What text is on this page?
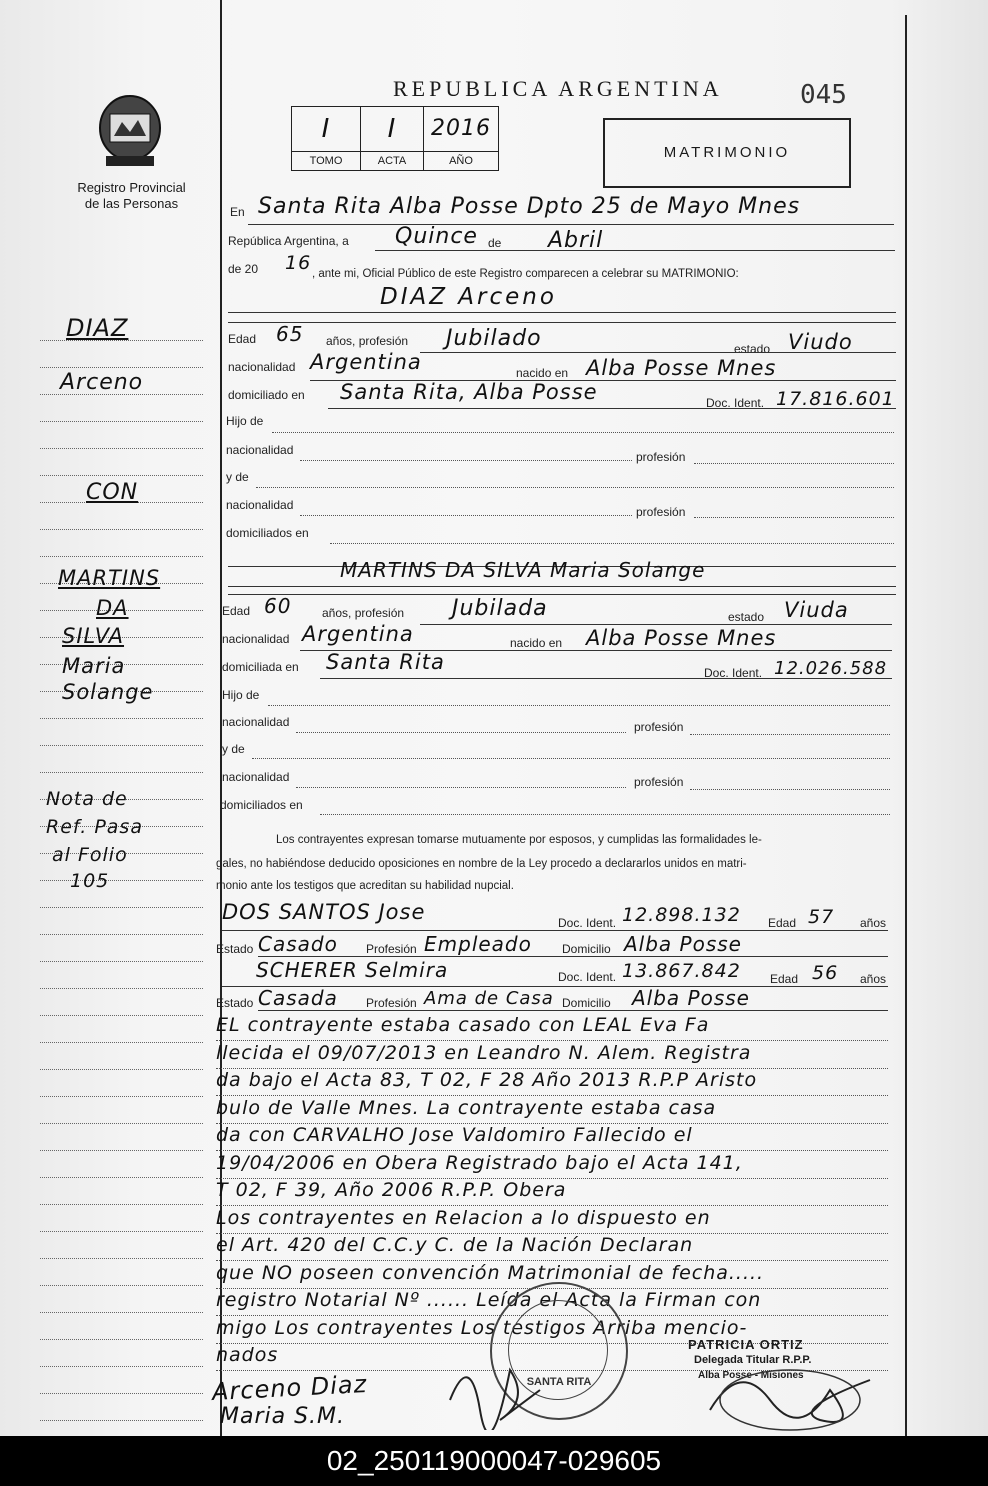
Registro Provincial
de las Personas
REPUBLICA ARGENTINA	045
I	I	2016
TOMO	ACTA	AÑO	MATRIMONIO
DIAZ
Arceno
CON
MARTINS
DA
SILVA
Maria
Solange
Nota de
Ref. Pasa
al Folio
105
En Santa Rita Alba Posse Dpto 25 de Mayo Mnes
República Argentina, a Quince de Abril
de 20 16 , ante mi, Oficial Público de este Registro comparecen a celebrar su MATRIMONIO:
DIAZ Arceno
Edad 65 años, profesión Jubilado	estado Viudo
nacionalidad Argentina	nacido en Alba Posse Mnes
domiciliado en Santa Rita, Alba Posse	Doc. Ident. 17.816.601
Hijo de
nacionalidad	profesión
y de
nacionalidad	profesión
domiciliados en
MARTINS DA SILVA Maria Solange
Edad 60	años, profesión Jubilada	estado Viuda
nacionalidad Argentina	nacido en Alba Posse Mnes
domiciliada en Santa Rita	Doc. Ident. 12.026.588
Hijo de
nacionalidad	profesión
y de
nacionalidad	profesión
domiciliados en
Los contrayentes expresan tomarse mutuamente por esposos, y cumplidas las formalidades le-
gales, no habiéndose deducido oposiciones en nombre de la Ley procedo a declararlos unidos en matri-
monio ante los testigos que acreditan su habilidad nupcial.
DOS SANTOS Jose	Doc. Ident. 12.898.132 Edad 57 años
Estado Casado Profesión Empleado	Domicilio Alba Posse
SCHERER Selmira	Doc. Ident. 13.867.842 Edad 56 años
Estado Casada Profesión Ama de Casa Domicilio Alba Posse
EL contrayente estaba casado con LEAL Eva Fa
llecida el 09/07/2013 en Leandro N. Alem. Registra
da bajo el Acta 83, T 02, F 28 Año 2013 R.P.P Aristo
bulo de Valle Mnes. La contrayente estaba casa
da con CARVALHO Jose Valdomiro Fallecido el
19/04/2006 en Obera Registrado bajo el Acta 141,
T 02, F 39, Año 2006 R.P.P. Obera
Los contrayentes en Relacion a lo dispuesto en
el Art. 420 del C.C.y C. de la Nación Declaran
que NO poseen convención Matrimonial de fecha.....
registro Notarial Nº ...... Leída el Acta la Firman con
migo Los contrayentes Los testigos Arriba mencio-
nados
SANTA RITA
PATRICIA ORTIZ
Delegada Titular R.P.P.
Alba Posse - Misiones
Arceno Diaz
Maria S.M.
02_250119000047-029605
